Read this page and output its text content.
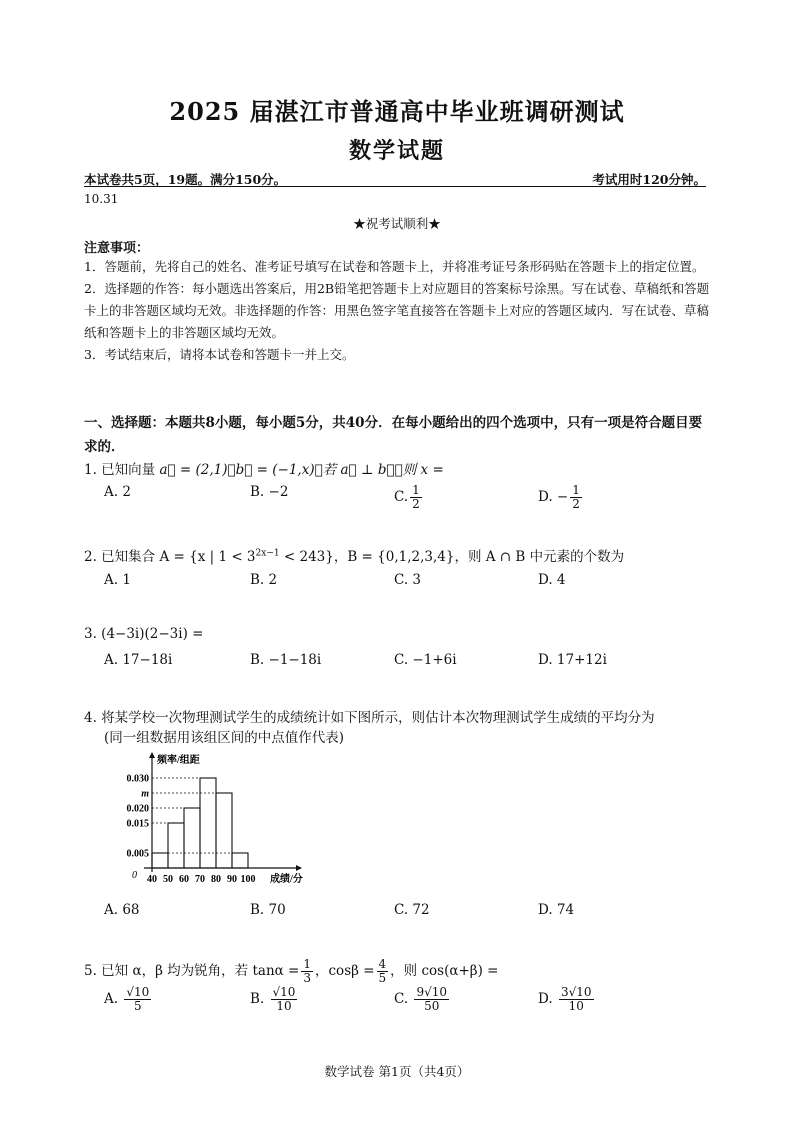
2025 届湛江市普通高中毕业班调研测试
数学试题
本试卷共5页，19题。满分150分。	考试用时120分钟。
10.31
★祝考试顺利★
注意事项：

1．答题前，先将自己的姓名、准考证号填写在试卷和答题卡上，并将准考证号条形码贴在答题卡上的指定位置。

2．选择题的作答：每小题选出答案后，用2B铅笔把答题卡上对应题目的答案标号涂黑。写在试卷、草稿纸和答题卡上的非答题区域均无效。非选择题的作答：用黑色签字笔直接答在答题卡上对应的答题区域内．写在试卷、草稿纸和答题卡上的非答题区域均无效。

3．考试结束后，请将本试卷和答题卡一并上交。

一、选择题：本题共8小题，每小题5分，共40分．在每小题给出的四个选项中，只有一项是符合题目要求的．
1. 已知向量 a⃗ = (2,1)，b⃗ = (−1,x)，若 a⃗ ⊥ b⃗，则 x =
A. 2	B. −2	C. $\frac{1}{2}$	D. − $\frac{1}{2}$
2. 已知集合 A = {x | $1 < 3^{2x-1} < 243$}，B = {0,1,2,3,4}，则 A ∩ B 中元素的个数为
A. 1	B. 2	C. 3	D. 4
3. (4−3i)(2−3i) =
A. 17−18i	B. −1−18i	C. −1+6i	D. 17+12i
4. 将某学校一次物理测试学生的成绩统计如下图所示，则估计本次物理测试学生成绩的平均分为
(同一组数据用该组区间的中点值作代表)
频率/组距
成绩/分
0
0.030
m
0.020
0.015
0.005
40 50 60 70 80 90 100
A. 68	B. 70	C. 72	D. 74
5. 已知 α，β 均为锐角，若 $\tan\alpha = \frac{1}{3}$ ，$\cos\beta = \frac{4}{5}$ ，则 cos(α+β) =
A. $\frac{√10}{5}$	B. $\frac{√10}{10}$	C. $\frac{9√10}{50}$	D. $\frac{3√10}{10}$
数学试卷 第1页（共4页）
